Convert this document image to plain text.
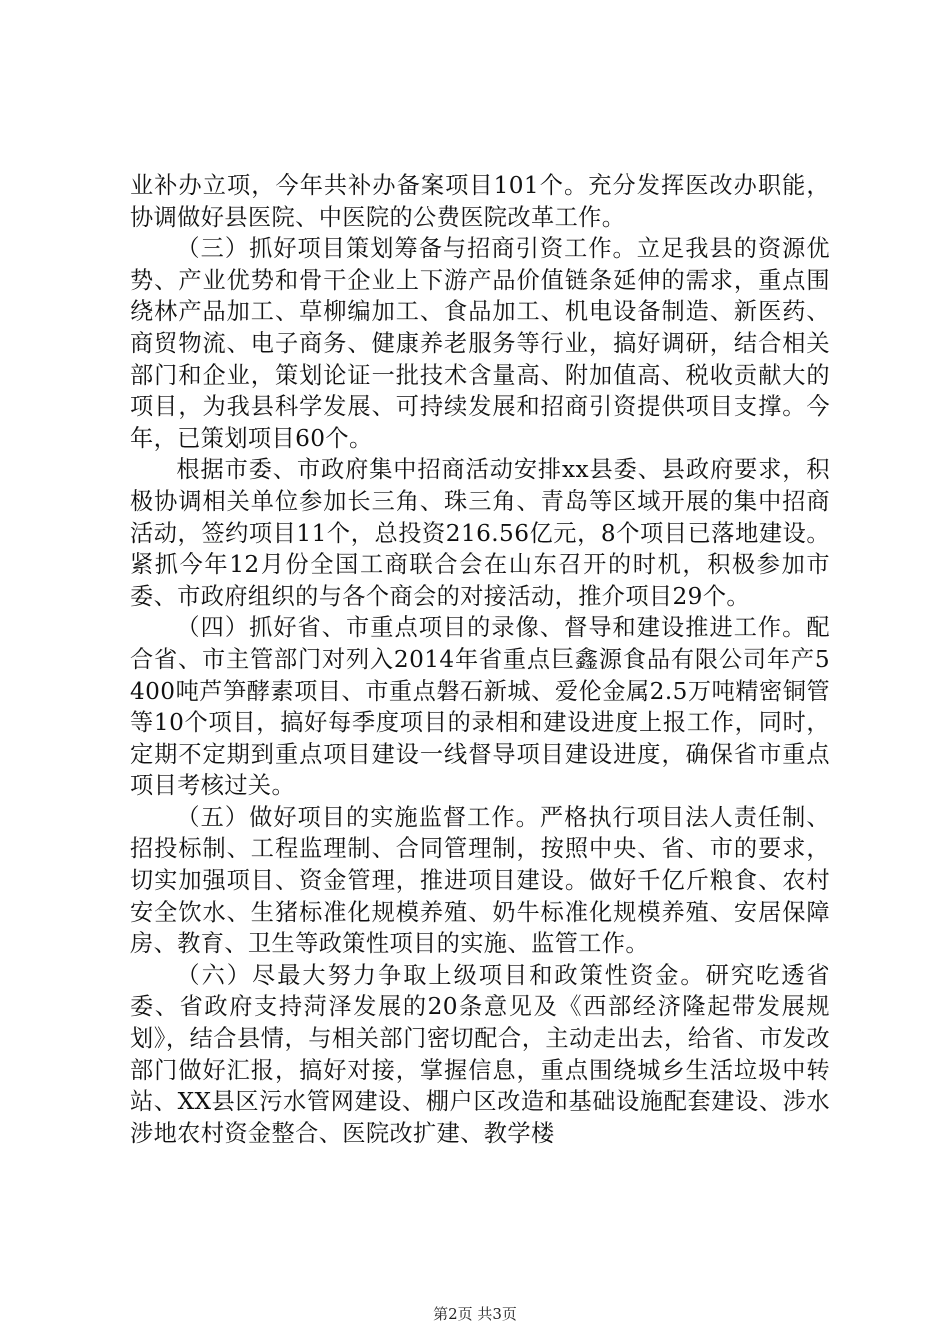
业补办立项，今年共补办备案项目101个。充分发挥医改办职能，协调做好县医院、中医院的公费医院改革工作。

（三）抓好项目策划筹备与招商引资工作。立足我县的资源优势、产业优势和骨干企业上下游产品价值链条延伸的需求，重点围绕林产品加工、草柳编加工、食品加工、机电设备制造、新医药、商贸物流、电子商务、健康养老服务等行业，搞好调研，结合相关部门和企业，策划论证一批技术含量高、附加值高、税收贡献大的项目，为我县科学发展、可持续发展和招商引资提供项目支撑。今年，已策划项目60个。

根据市委、市政府集中招商活动安排xx县委、县政府要求，积极协调相关单位参加长三角、珠三角、青岛等区域开展的集中招商活动，签约项目11个，总投资216.56亿元，8个项目已落地建设。紧抓今年12月份全国工商联合会在山东召开的时机，积极参加市委、市政府组织的与各个商会的对接活动，推介项目29个。

（四）抓好省、市重点项目的录像、督导和建设推进工作。配合省、市主管部门对列入2014年省重点巨鑫源食品有限公司年产5400吨芦笋酵素项目、市重点磐石新城、爱伦金属2.5万吨精密铜管等10个项目，搞好每季度项目的录相和建设进度上报工作，同时，定期不定期到重点项目建设一线督导项目建设进度，确保省市重点项目考核过关。

（五）做好项目的实施监督工作。严格执行项目法人责任制、招投标制、工程监理制、合同管理制，按照中央、省、市的要求，切实加强项目、资金管理，推进项目建设。做好千亿斤粮食、农村安全饮水、生猪标准化规模养殖、奶牛标准化规模养殖、安居保障房、教育、卫生等政策性项目的实施、监管工作。

（六）尽最大努力争取上级项目和政策性资金。研究吃透省委、省政府支持菏泽发展的20条意见及《西部经济隆起带发展规划》，结合县情，与相关部门密切配合，主动走出去，给省、市发改部门做好汇报，搞好对接，掌握信息，重点围绕城乡生活垃圾中转站、XX县区污水管网建设、棚户区改造和基础设施配套建设、涉水涉地农村资金整合、医院改扩建、教学楼

第2页 共3页
